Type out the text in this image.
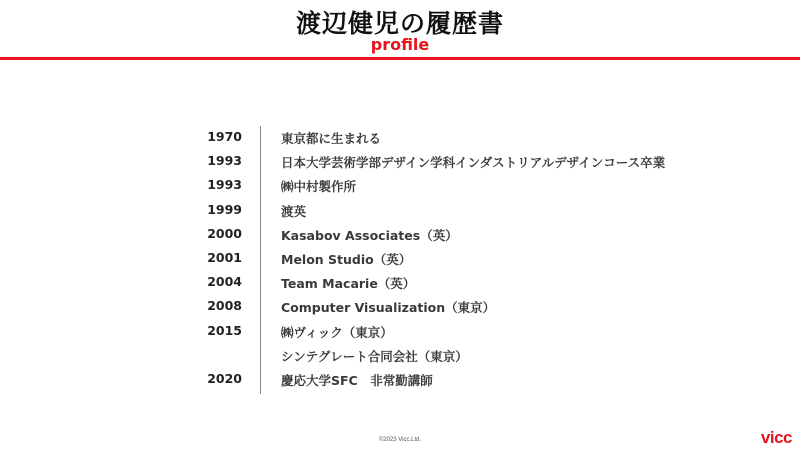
渡辺健児の履歴書
profile
1970	東京都に生まれる
1993	日本大学芸術学部デザイン学科インダストリアルデザインコース卒業
1993	㈱中村製作所
1999	渡英
2000	Kasabov Associates（英）
2001	Melon Studio（英）
2004	Team Macarie（英）
2008	Computer Visualization（東京）
2015	㈱ヴィック（東京）
シンテグレート合同会社（東京）
2020	慶応大学SFC　非常勤講師
©2023 Vicc.Ltd.	vicc
